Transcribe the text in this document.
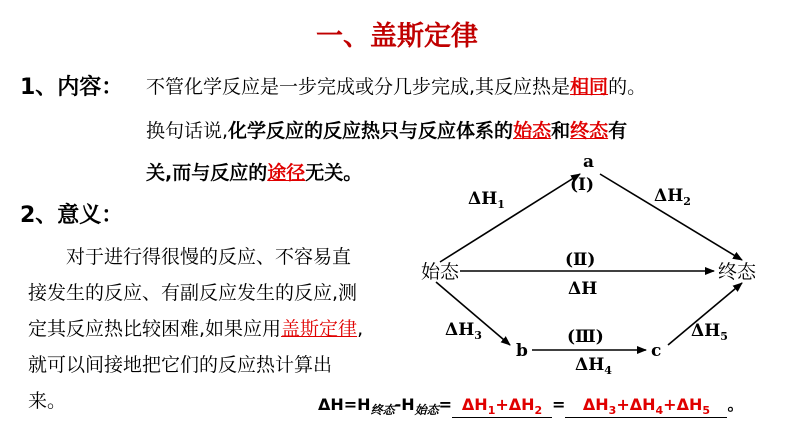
一、盖斯定律
1、内容： 不管化学反应是一步完成或分几步完成,其反应热是相同的。
换句话说,化学反应的反应热只与反应体系的始态和终态有
关,而与反应的途径无关。
2、意义：
对于进行得很慢的反应、不容易直接发生的反应、有副反应发生的反应,测定其反应热比较困难,如果应用盖斯定律,就可以间接地把它们的反应热计算出来。
始态	终态
a
b	c
(Ⅰ)
(Ⅱ)
(Ⅲ)
ΔH
$\Delta H_1$	$\Delta H_2$
$\Delta H_3$
$\Delta H_4$
$\Delta H_5$
$\Delta H=H_{终态}-H_{始态}= \Delta H_1+\Delta H_2 = \Delta H_3+\Delta H_4+\Delta H_5$ 。
